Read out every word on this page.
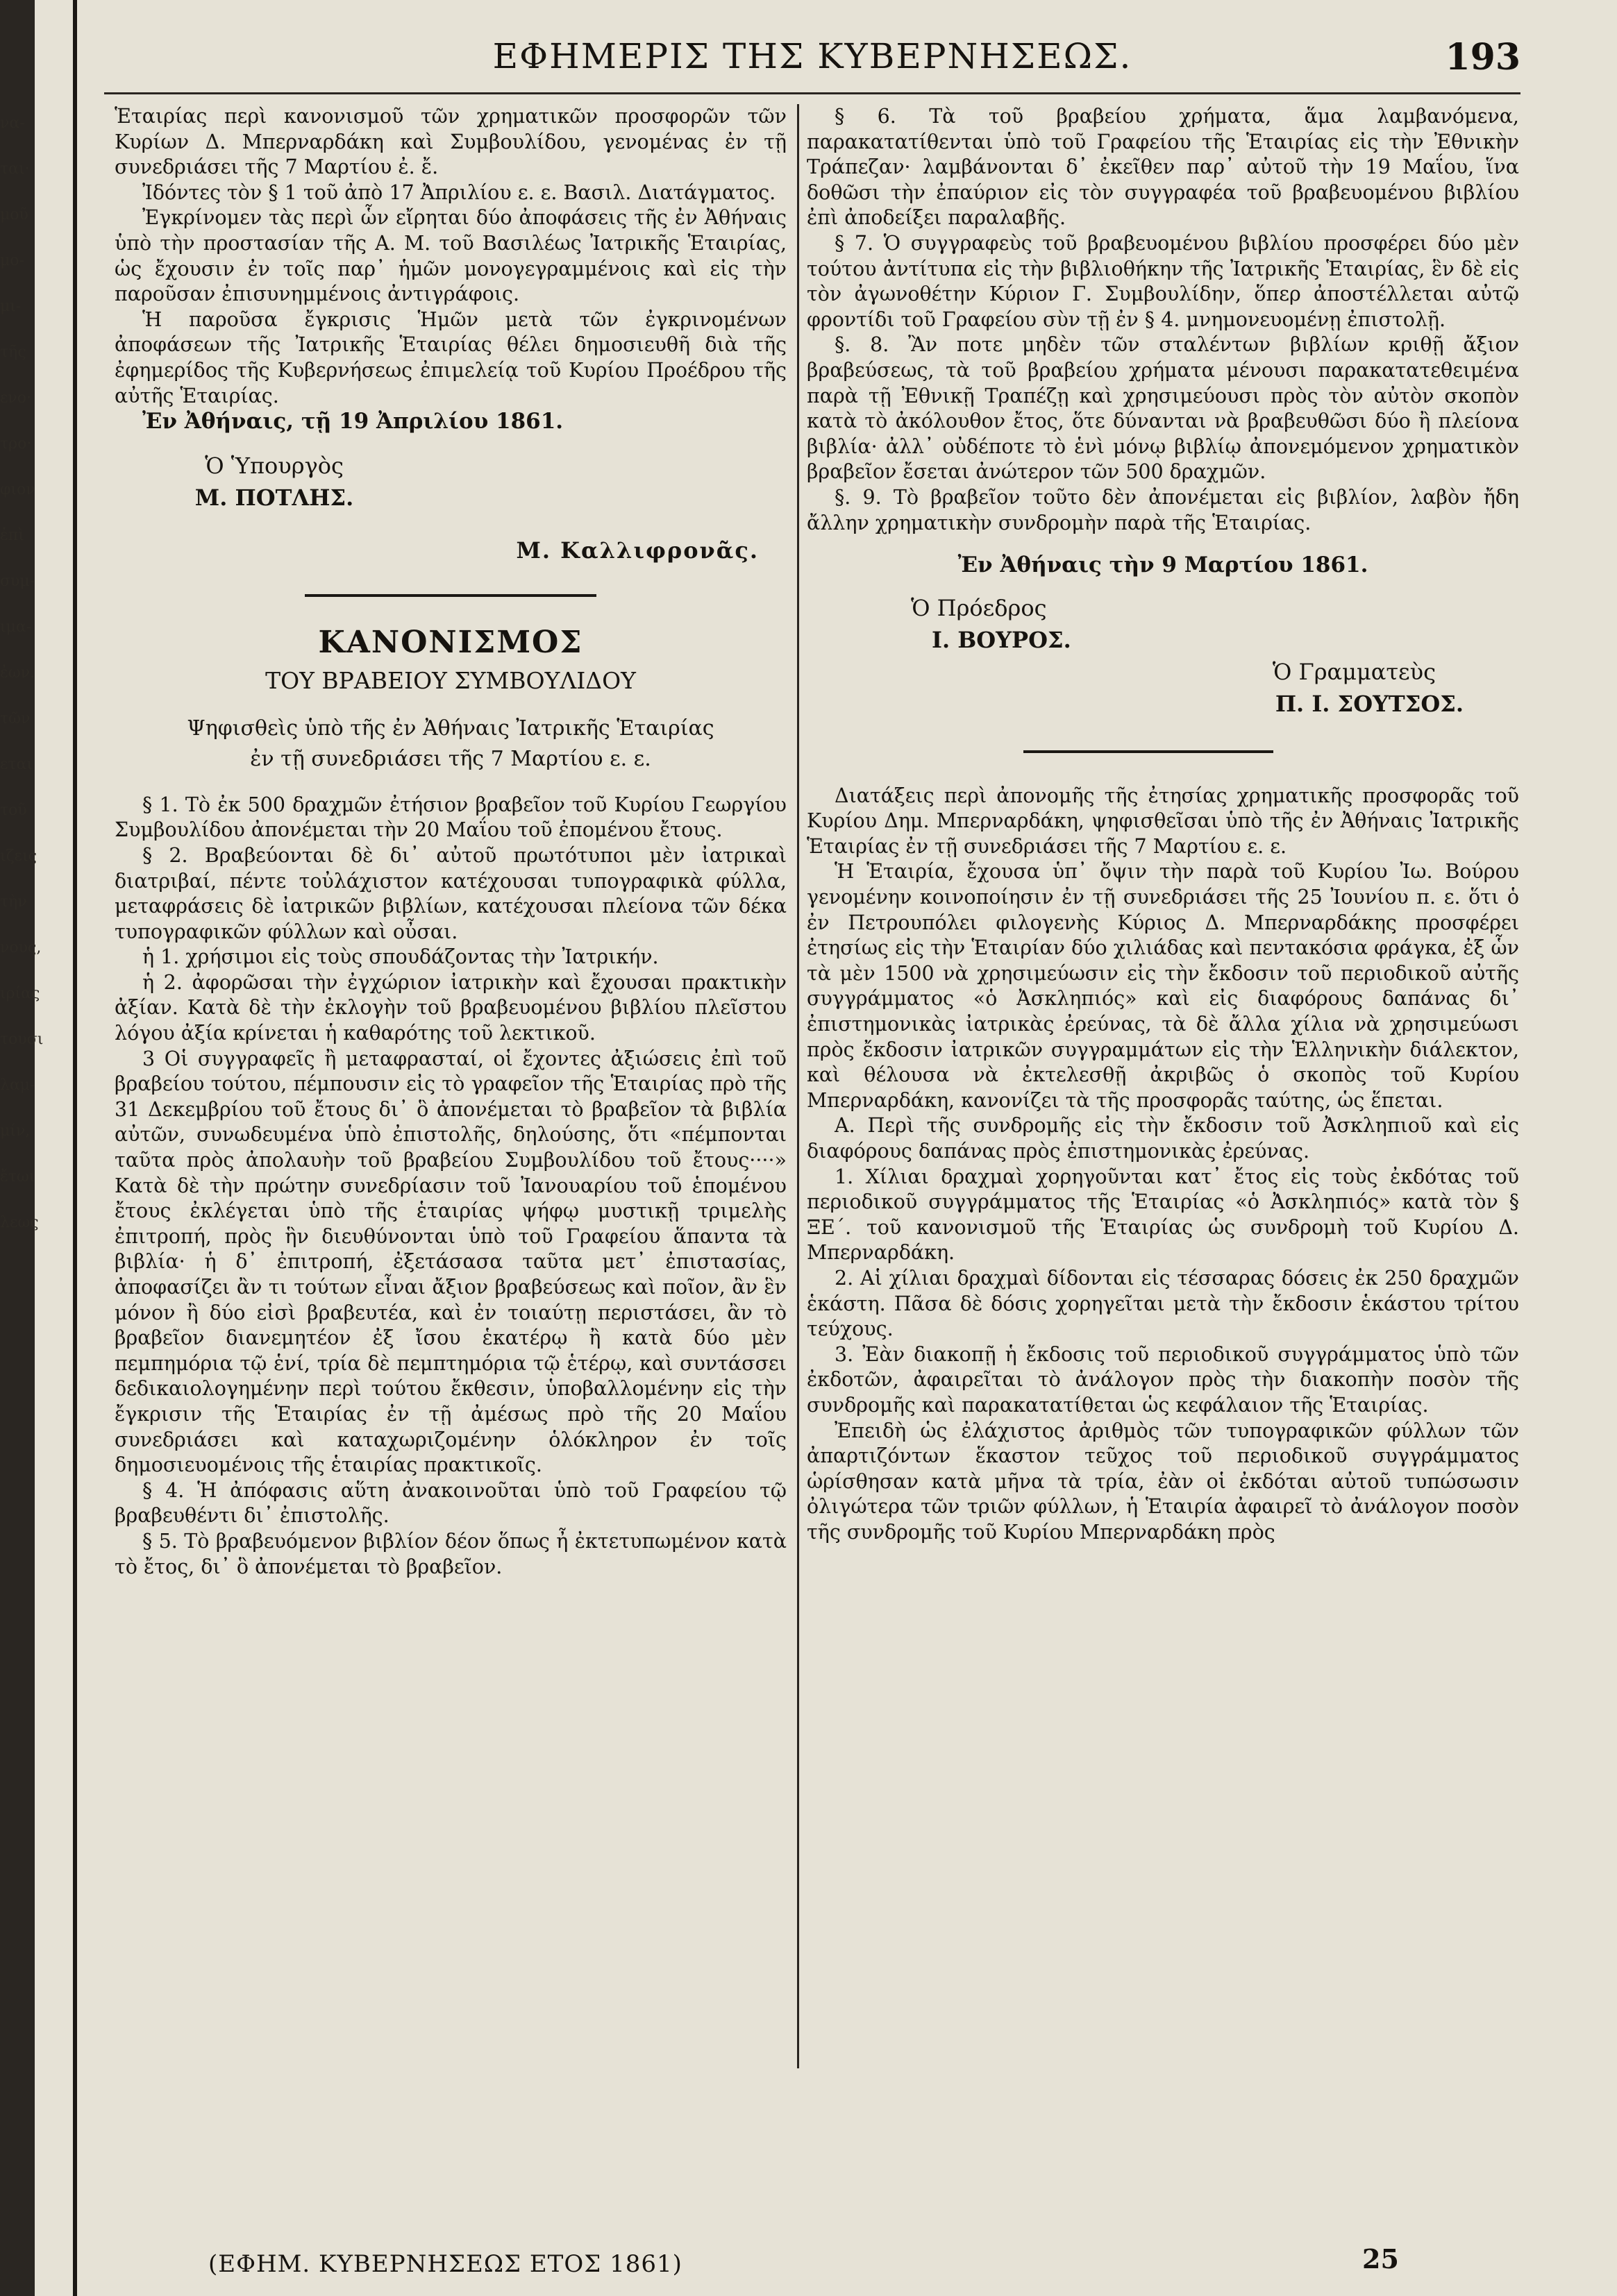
να-
ται·
μοῦ
μο-
μι-
τῆς
ενο·
τρο·
φιον
ἐπὶ
συμ-
ιμα-
ἐων.
τῶν
εται
τοῦ
ιζεις
τὴν
νους,
ιρίας
τουσι
λαμ-
μίν,
ἔτωι
λεως
ΕΦΗΜΕΡΙΣ ΤΗΣ ΚΥΒΕΡΝΗΣΕΩΣ.	193

Ἑταιρίας περὶ κανονισμοῦ τῶν χρηματικῶν προσφορῶν τῶν Κυρίων Δ. Μπερναρδάκη καὶ Συμβουλίδου, γενομένας ἐν τῇ συνεδριάσει τῆς 7 Μαρτίου ἐ. ἔ.

Ἰδόντες τὸν § 1 τοῦ ἀπὸ 17 Ἀπριλίου ε. ε. Βασιλ. Διατάγματος.

Ἐγκρίνομεν τὰς περὶ ὧν εἴρηται δύο ἀποφάσεις τῆς ἐν Ἀθήναις ὑπὸ τὴν προστασίαν τῆς Α. Μ. τοῦ Βασιλέως Ἰατρικῆς Ἑταιρίας, ὡς ἔχουσιν ἐν τοῖς παρ᾽ ἡμῶν μονογεγραμμένοις καὶ εἰς τὴν παροῦσαν ἐπισυνημμένοις ἀντιγράφοις.

Ἡ παροῦσα ἔγκρισις Ἡμῶν μετὰ τῶν ἐγκρινομένων ἀποφάσεων τῆς Ἰατρικῆς Ἑταιρίας θέλει δημοσιευθῆ διὰ τῆς ἐφημερίδος τῆς Κυβερνήσεως ἐπιμελείᾳ τοῦ Κυρίου Προέδρου τῆς αὐτῆς Ἑταιρίας.

Ἐν Ἀθήναις, τῇ 19 Ἀπριλίου 1861.

Ὁ Ὑπουργὸς

Μ. ΠΟΤΛΗΣ.

Μ. Καλλιφρονᾶς.

ΚΑΝΟΝΙΣΜΟΣ

ΤΟΥ ΒΡΑΒΕΙΟΥ ΣΥΜΒΟΥΛΙΔΟΥ

Ψηφισθεὶς ὑπὸ τῆς ἐν Ἀθήναις Ἰατρικῆς Ἑταιρίας

ἐν τῇ συνεδριάσει τῆς 7 Μαρτίου ε. ε.

§ 1. Τὸ ἐκ 500 δραχμῶν ἐτήσιον βραβεῖον τοῦ Κυρίου Γεωργίου Συμβουλίδου ἀπονέμεται τὴν 20 Μαΐου τοῦ ἐπομένου ἔτους.

§ 2. Βραβεύονται δὲ δι᾽ αὐτοῦ πρωτότυποι μὲν ἰατρικαὶ διατριβαί, πέντε τοὐλάχιστον κατέχουσαι τυπογραφικὰ φύλλα, μεταφράσεις δὲ ἰατρικῶν βιβλίων, κατέχουσαι πλείονα τῶν δέκα τυπογραφικῶν φύλλων καὶ οὖσαι.

ἡ 1. χρήσιμοι εἰς τοὺς σπουδάζοντας τὴν Ἰατρικήν.

ἡ 2. ἀφορῶσαι τὴν ἐγχώριον ἰατρικὴν καὶ ἔχουσαι πρακτικὴν ἀξίαν. Κατὰ δὲ τὴν ἐκλογὴν τοῦ βραβευομένου βιβλίου πλεῖστου λόγου ἀξία κρίνεται ἡ καθαρότης τοῦ λεκτικοῦ.

3 Οἱ συγγραφεῖς ἢ μεταφρασταί, οἱ ἔχοντες ἀξιώσεις ἐπὶ τοῦ βραβείου τούτου, πέμπουσιν εἰς τὸ γραφεῖον τῆς Ἑταιρίας πρὸ τῆς 31 Δεκεμβρίου τοῦ ἔτους δι᾽ ὃ ἀπονέμεται τὸ βραβεῖον τὰ βιβλία αὐτῶν, συνωδευμένα ὑπὸ ἐπιστολῆς, δηλούσης, ὅτι «πέμπονται ταῦτα πρὸς ἀπολαυὴν τοῦ βραβείου Συμβουλίδου τοῦ ἔτους····» Κατὰ δὲ τὴν πρώτην συνεδρίασιν τοῦ Ἰανουαρίου τοῦ ἑπομένου ἔτους ἐκλέγεται ὑπὸ τῆς ἑταιρίας ψήφῳ μυστικῇ τριμελὴς ἐπιτροπή, πρὸς ἣν διευθύνονται ὑπὸ τοῦ Γραφείου ἅπαντα τὰ βιβλία· ἡ δ᾽ ἐπιτροπή, ἐξετάσασα ταῦτα μετ᾽ ἐπιστασίας, ἀποφασίζει ἂν τι τούτων εἶναι ἄξιον βραβεύσεως καὶ ποῖον, ἂν ἓν μόνον ἢ δύο εἰσὶ βραβευτέα, καὶ ἐν τοιαύτῃ περιστάσει, ἂν τὸ βραβεῖον διανεμητέον ἐξ ἴσου ἑκατέρῳ ἢ κατὰ δύο μὲν πεμπημόρια τῷ ἑνί, τρία δὲ πεμπτημόρια τῷ ἑτέρῳ, καὶ συντάσσει δεδικαιολογημένην περὶ τούτου ἔκθεσιν, ὑποβαλλομένην εἰς τὴν ἔγκρισιν τῆς Ἑταιρίας ἐν τῇ ἀμέσως πρὸ τῆς 20 Μαΐου συνεδριάσει καὶ καταχωριζομένην ὁλόκληρον ἐν τοῖς δημοσιευομένοις τῆς ἑταιρίας πρακτικοῖς.

§ 4. Ἡ ἀπόφασις αὕτη ἀνακοινοῦται ὑπὸ τοῦ Γραφείου τῷ βραβευθέντι δι᾽ ἐπιστολῆς.

§ 5. Τὸ βραβευόμενον βιβλίον δέον ὅπως ἦ ἐκτετυπωμένον κατὰ τὸ ἔτος, δι᾽ ὃ ἀπονέμεται τὸ βραβεῖον.

§ 6. Τὰ τοῦ βραβείου χρήματα, ἅμα λαμβανόμενα, παρακατατίθενται ὑπὸ τοῦ Γραφείου τῆς Ἑταιρίας εἰς τὴν Ἐθνικὴν Τράπεζαν· λαμβάνονται δ᾽ ἐκεῖθεν παρ᾽ αὐτοῦ τὴν 19 Μαΐου, ἵνα δοθῶσι τὴν ἐπαύριον εἰς τὸν συγγραφέα τοῦ βραβευομένου βιβλίου ἐπὶ ἀποδείξει παραλαβῆς.

§ 7. Ὁ συγγραφεὺς τοῦ βραβευομένου βιβλίου προσφέρει δύο μὲν τούτου ἀντίτυπα εἰς τὴν βιβλιοθήκην τῆς Ἰατρικῆς Ἑταιρίας, ἓν δὲ εἰς τὸν ἀγωνοθέτην Κύριον Γ. Συμβουλίδην, ὅπερ ἀποστέλλεται αὐτῷ φροντίδι τοῦ Γραφείου σὺν τῇ ἐν § 4. μνημονευομένῃ ἐπιστολῇ.

§. 8. Ἂν ποτε μηδὲν τῶν σταλέντων βιβλίων κριθῇ ἄξιον βραβεύσεως, τὰ τοῦ βραβείου χρήματα μένουσι παρακατατεθειμένα παρὰ τῇ Ἐθνικῇ Τραπέζῃ καὶ χρησιμεύουσι πρὸς τὸν αὐτὸν σκοπὸν κατὰ τὸ ἀκόλουθον ἔτος, ὅτε δύνανται νὰ βραβευθῶσι δύο ἢ πλείονα βιβλία· ἀλλ᾽ οὐδέποτε τὸ ἑνὶ μόνῳ βιβλίῳ ἀπονεμόμενον χρηματικὸν βραβεῖον ἔσεται ἀνώτερον τῶν 500 δραχμῶν.

§. 9. Τὸ βραβεῖον τοῦτο δὲν ἀπονέμεται εἰς βιβλίον, λαβὸν ἤδη ἄλλην χρηματικὴν συνδρομὴν παρὰ τῆς Ἑταιρίας.

Ἐν Ἀθήναις τὴν 9 Μαρτίου 1861.

Ὁ Πρόεδρος

Ι. ΒΟΥΡΟΣ.

Ὁ Γραμματεὺς

Π. Ι. ΣΟΥΤΣΟΣ.

Διατάξεις περὶ ἀπονομῆς τῆς ἐτησίας χρηματικῆς προσφορᾶς τοῦ Κυρίου Δημ. Μπερναρδάκη, ψηφισθεῖσαι ὑπὸ τῆς ἐν Ἀθήναις Ἰατρικῆς Ἑταιρίας ἐν τῇ συνεδριάσει τῆς 7 Μαρτίου ε. ε.

Ἡ Ἑταιρία, ἔχουσα ὑπ᾽ ὄψιν τὴν παρὰ τοῦ Κυρίου Ἰω. Βούρου γενομένην κοινοποίησιν ἐν τῇ συνεδριάσει τῆς 25 Ἰουνίου π. ε. ὅτι ὁ ἐν Πετρουπόλει φιλογενὴς Κύριος Δ. Μπερναρδάκης προσφέρει ἐτησίως εἰς τὴν Ἑταιρίαν δύο χιλιάδας καὶ πεντακόσια φράγκα, ἐξ ὧν τὰ μὲν 1500 νὰ χρησιμεύωσιν εἰς τὴν ἔκδοσιν τοῦ περιοδικοῦ αὐτῆς συγγράμματος «ὁ Ἀσκληπιός» καὶ εἰς διαφόρους δαπάνας δι᾽ ἐπιστημονικὰς ἰατρικὰς ἐρεύνας, τὰ δὲ ἄλλα χίλια νὰ χρησιμεύωσι πρὸς ἔκδοσιν ἰατρικῶν συγγραμμάτων εἰς τὴν Ἑλληνικὴν διάλεκτον, καὶ θέλουσα νὰ ἐκτελεσθῇ ἀκριβῶς ὁ σκοπὸς τοῦ Κυρίου Μπερναρδάκη, κανονίζει τὰ τῆς προσφορᾶς ταύτης, ὡς ἕπεται.

Α. Περὶ τῆς συνδρομῆς εἰς τὴν ἔκδοσιν τοῦ Ἀσκληπιοῦ καὶ εἰς διαφόρους δαπάνας πρὸς ἐπιστημονικὰς ἐρεύνας.

1. Χίλιαι δραχμαὶ χορηγοῦνται κατ᾽ ἔτος εἰς τοὺς ἐκδότας τοῦ περιοδικοῦ συγγράμματος τῆς Ἑταιρίας «ὁ Ἀσκληπιός» κατὰ τὸν § ΞΕ΄. τοῦ κανονισμοῦ τῆς Ἑταιρίας ὡς συνδρομὴ τοῦ Κυρίου Δ. Μπερναρδάκη.

2. Αἱ χίλιαι δραχμαὶ δίδονται εἰς τέσσαρας δόσεις ἐκ 250 δραχμῶν ἑκάστη. Πᾶσα δὲ δόσις χορηγεῖται μετὰ τὴν ἔκδοσιν ἑκάστου τρίτου τεύχους.

3. Ἐὰν διακοπῇ ἡ ἔκδοσις τοῦ περιοδικοῦ συγγράμματος ὑπὸ τῶν ἐκδοτῶν, ἀφαιρεῖται τὸ ἀνάλογον πρὸς τὴν διακοπὴν ποσὸν τῆς συνδρομῆς καὶ παρακατατίθεται ὡς κεφάλαιον τῆς Ἑταιρίας.

Ἐπειδὴ ὡς ἐλάχιστος ἀριθμὸς τῶν τυπογραφικῶν φύλλων τῶν ἀπαρτιζόντων ἕκαστον τεῦχος τοῦ περιοδικοῦ συγγράμματος ὡρίσθησαν κατὰ μῆνα τὰ τρία, ἐὰν οἱ ἐκδόται αὐτοῦ τυπώσωσιν ὀλιγώτερα τῶν τριῶν φύλλων, ἡ Ἑταιρία ἀφαιρεῖ τὸ ἀνάλογον ποσὸν τῆς συνδρομῆς τοῦ Κυρίου Μπερναρδάκη πρὸς

(ΕΦΗΜ. ΚΥΒΕΡΝΗΣΕΩΣ ΕΤΟΣ 1861)	25
